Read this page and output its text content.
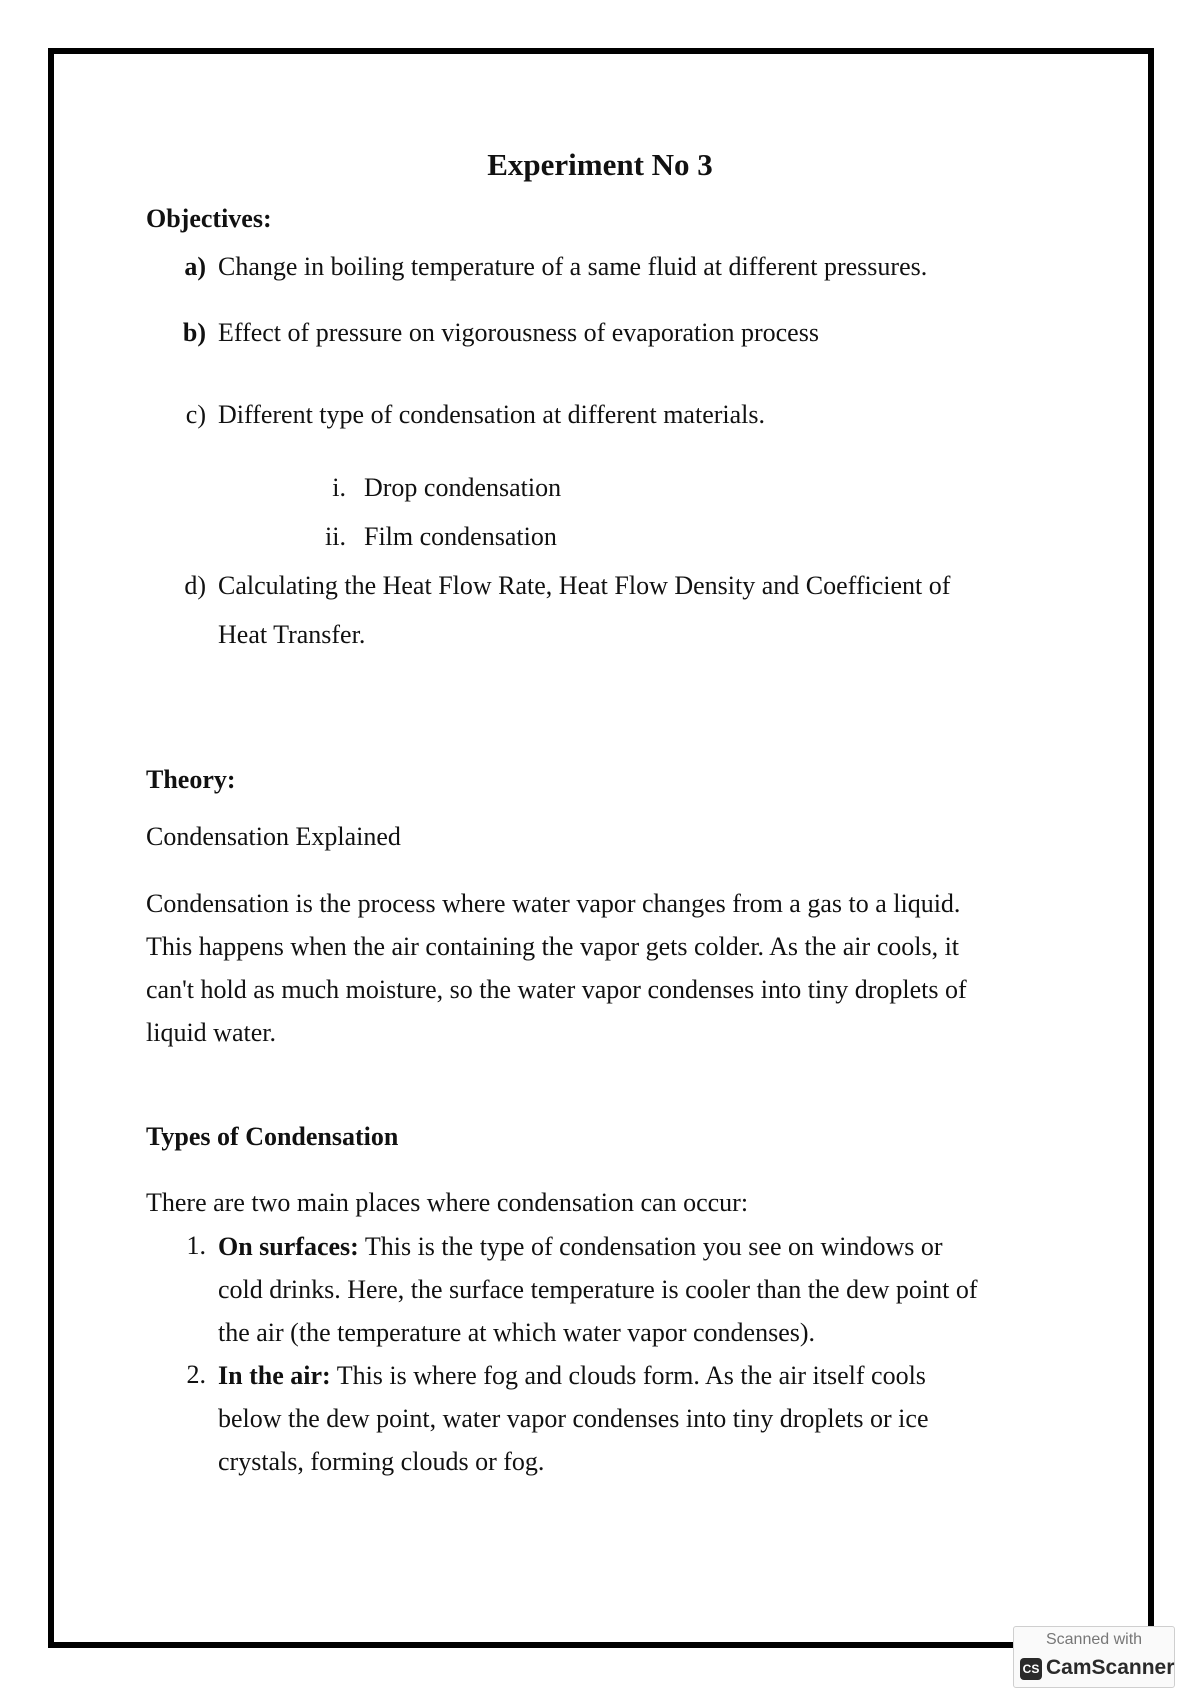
Experiment No 3
Objectives:
a) Change in boiling temperature of a same fluid at different pressures.
b) Effect of pressure on vigorousness of evaporation process
c) Different type of condensation at different materials.
i. Drop condensation
ii. Film condensation
d) Calculating the Heat Flow Rate, Heat Flow Density and Coefficient of
Heat Transfer.
Theory:
Condensation Explained
Condensation is the process where water vapor changes from a gas to a liquid.
This happens when the air containing the vapor gets colder. As the air cools, it
can't hold as much moisture, so the water vapor condenses into tiny droplets of
liquid water.
Types of Condensation
There are two main places where condensation can occur:
1. On surfaces: This is the type of condensation you see on windows or
cold drinks. Here, the surface temperature is cooler than the dew point of
the air (the temperature at which water vapor condenses).
2. In the air: This is where fog and clouds form. As the air itself cools
below the dew point, water vapor condenses into tiny droplets or ice
crystals, forming clouds or fog.
Scanned with
CS CamScanner
